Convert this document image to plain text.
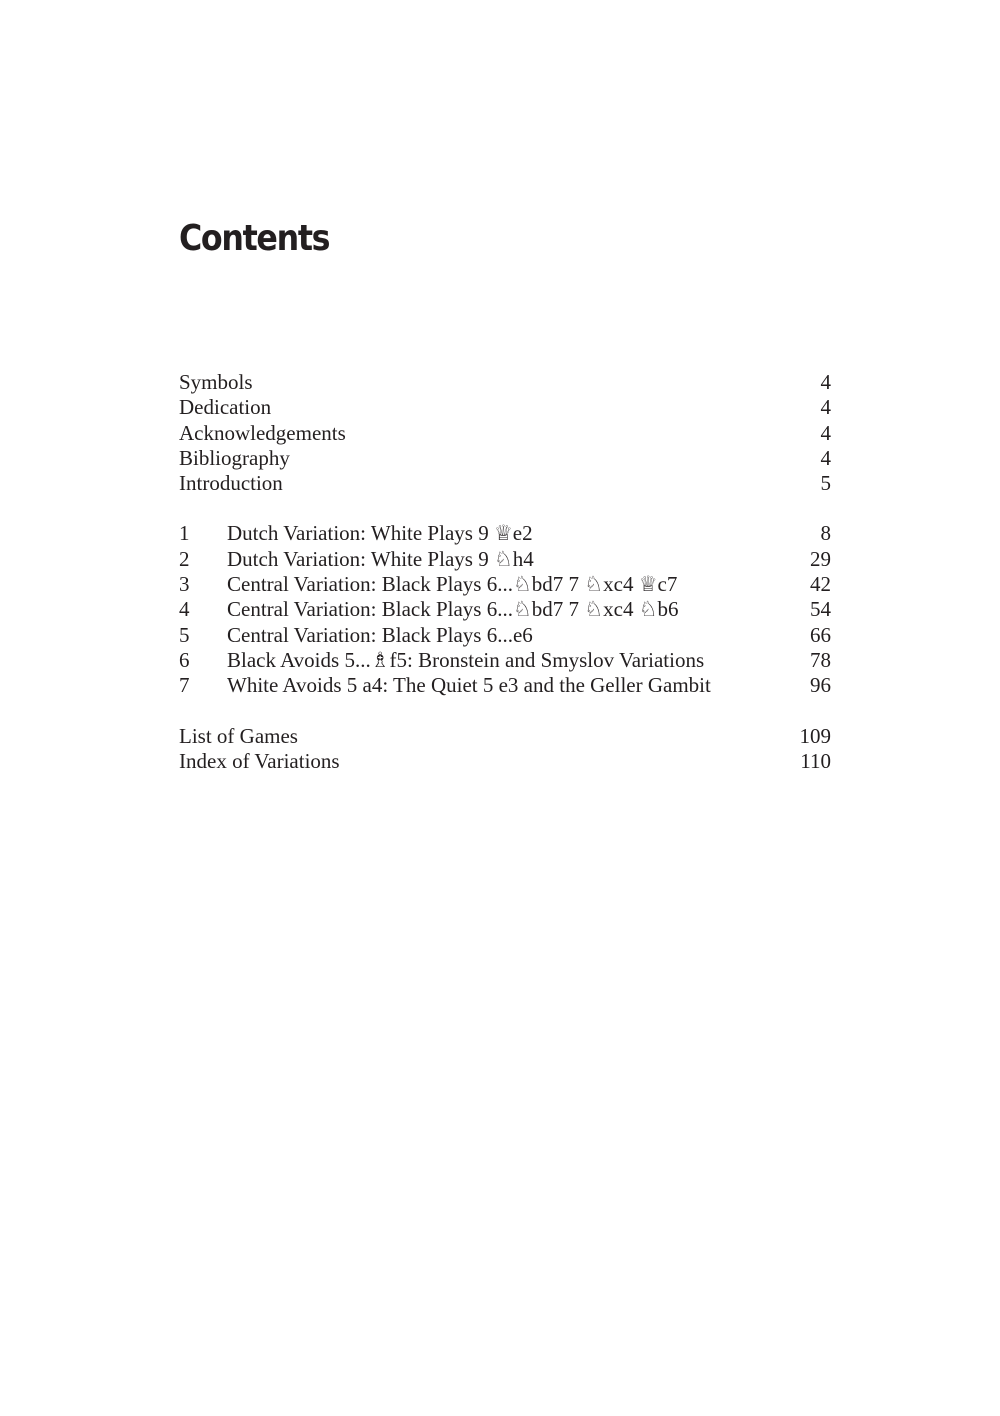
Contents
Symbols	4
Dedication	4
Acknowledgements	4
Bibliography	4
Introduction	5
1	Dutch Variation: White Plays 9 ♕e2	8
2	Dutch Variation: White Plays 9 ♘h4	29
3	Central Variation: Black Plays 6...♘bd7 7 ♘xc4 ♕c7	42
4	Central Variation: Black Plays 6...♘bd7 7 ♘xc4 ♘b6	54
5	Central Variation: Black Plays 6...e6	66
6	Black Avoids 5...♗f5: Bronstein and Smyslov Variations	78
7	White Avoids 5 a4: The Quiet 5 e3 and the Geller Gambit	96
List of Games	109
Index of Variations	110
